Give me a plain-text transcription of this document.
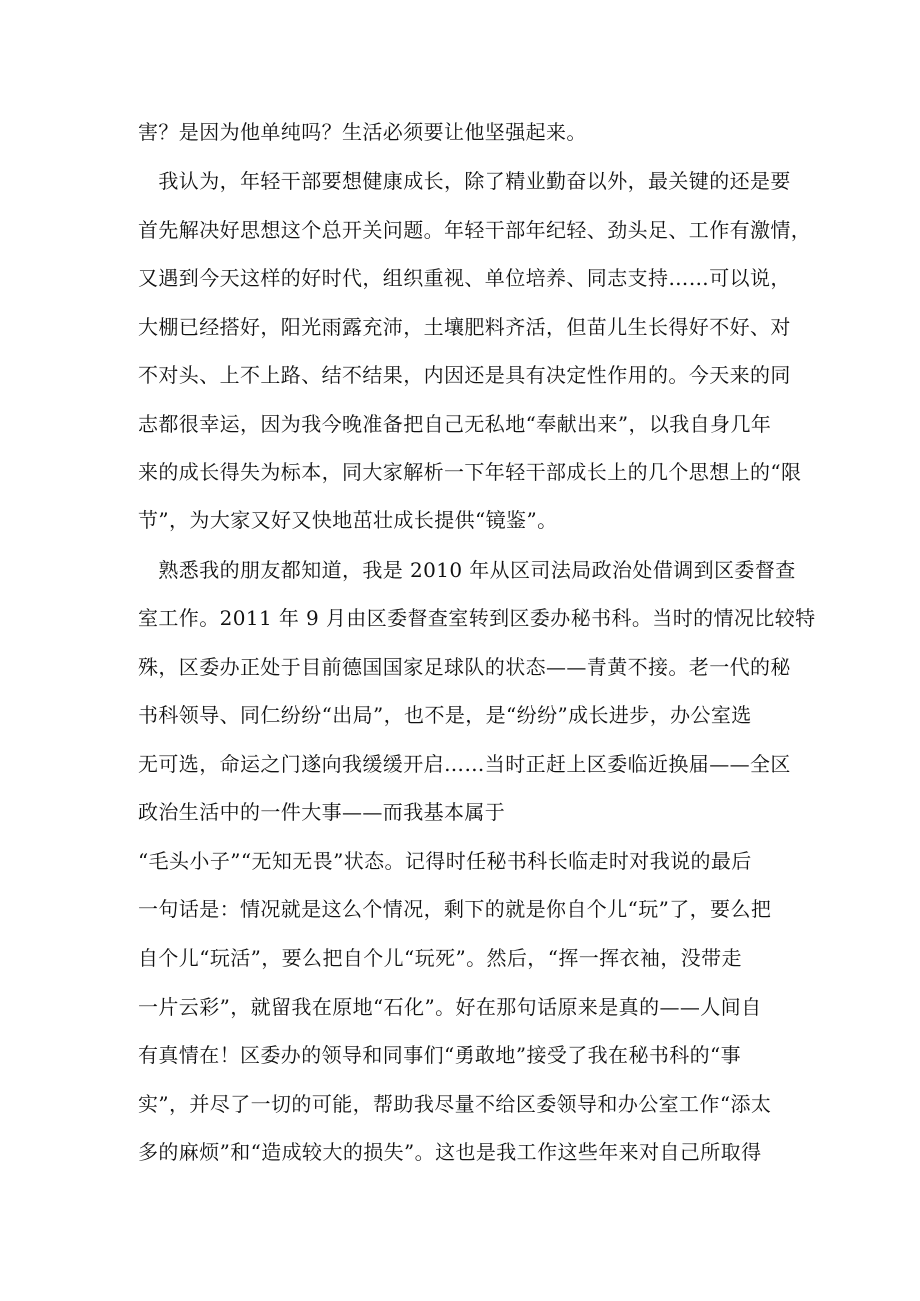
害？是因为他单纯吗？生活必须要让他坚强起来。
　我认为，年轻干部要想健康成长，除了精业勤奋以外，最关键的还是要
首先解决好思想这个总开关问题。年轻干部年纪轻、劲头足、工作有激情，
又遇到今天这样的好时代，组织重视、单位培养、同志支持……可以说，
大棚已经搭好，阳光雨露充沛，土壤肥料齐活，但苗儿生长得好不好、对
不对头、上不上路、结不结果，内因还是具有决定性作用的。今天来的同
志都很幸运，因为我今晚准备把自己无私地“奉献出来”，以我自身几年
来的成长得失为标本，同大家解析一下年轻干部成长上的几个思想上的“限
节”，为大家又好又快地茁壮成长提供“镜鉴”。
　熟悉我的朋友都知道，我是 2010 年从区司法局政治处借调到区委督查
室工作。2011 年 9 月由区委督查室转到区委办秘书科。当时的情况比较特
殊，区委办正处于目前德国国家足球队的状态——青黄不接。老一代的秘
书科领导、同仁纷纷“出局”，也不是，是“纷纷”成长进步，办公室选
无可选，命运之门遂向我缓缓开启……当时正赶上区委临近换届——全区
政治生活中的一件大事——而我基本属于
“毛头小子”“无知无畏”状态。记得时任秘书科长临走时对我说的最后
一句话是：情况就是这么个情况，剩下的就是你自个儿“玩”了，要么把
自个儿“玩活”，要么把自个儿“玩死”。然后，“挥一挥衣袖，没带走
一片云彩”，就留我在原地“石化”。好在那句话原来是真的——人间自
有真情在！区委办的领导和同事们“勇敢地”接受了我在秘书科的“事
实”，并尽了一切的可能，帮助我尽量不给区委领导和办公室工作“添太
多的麻烦”和“造成较大的损失”。这也是我工作这些年来对自己所取得
